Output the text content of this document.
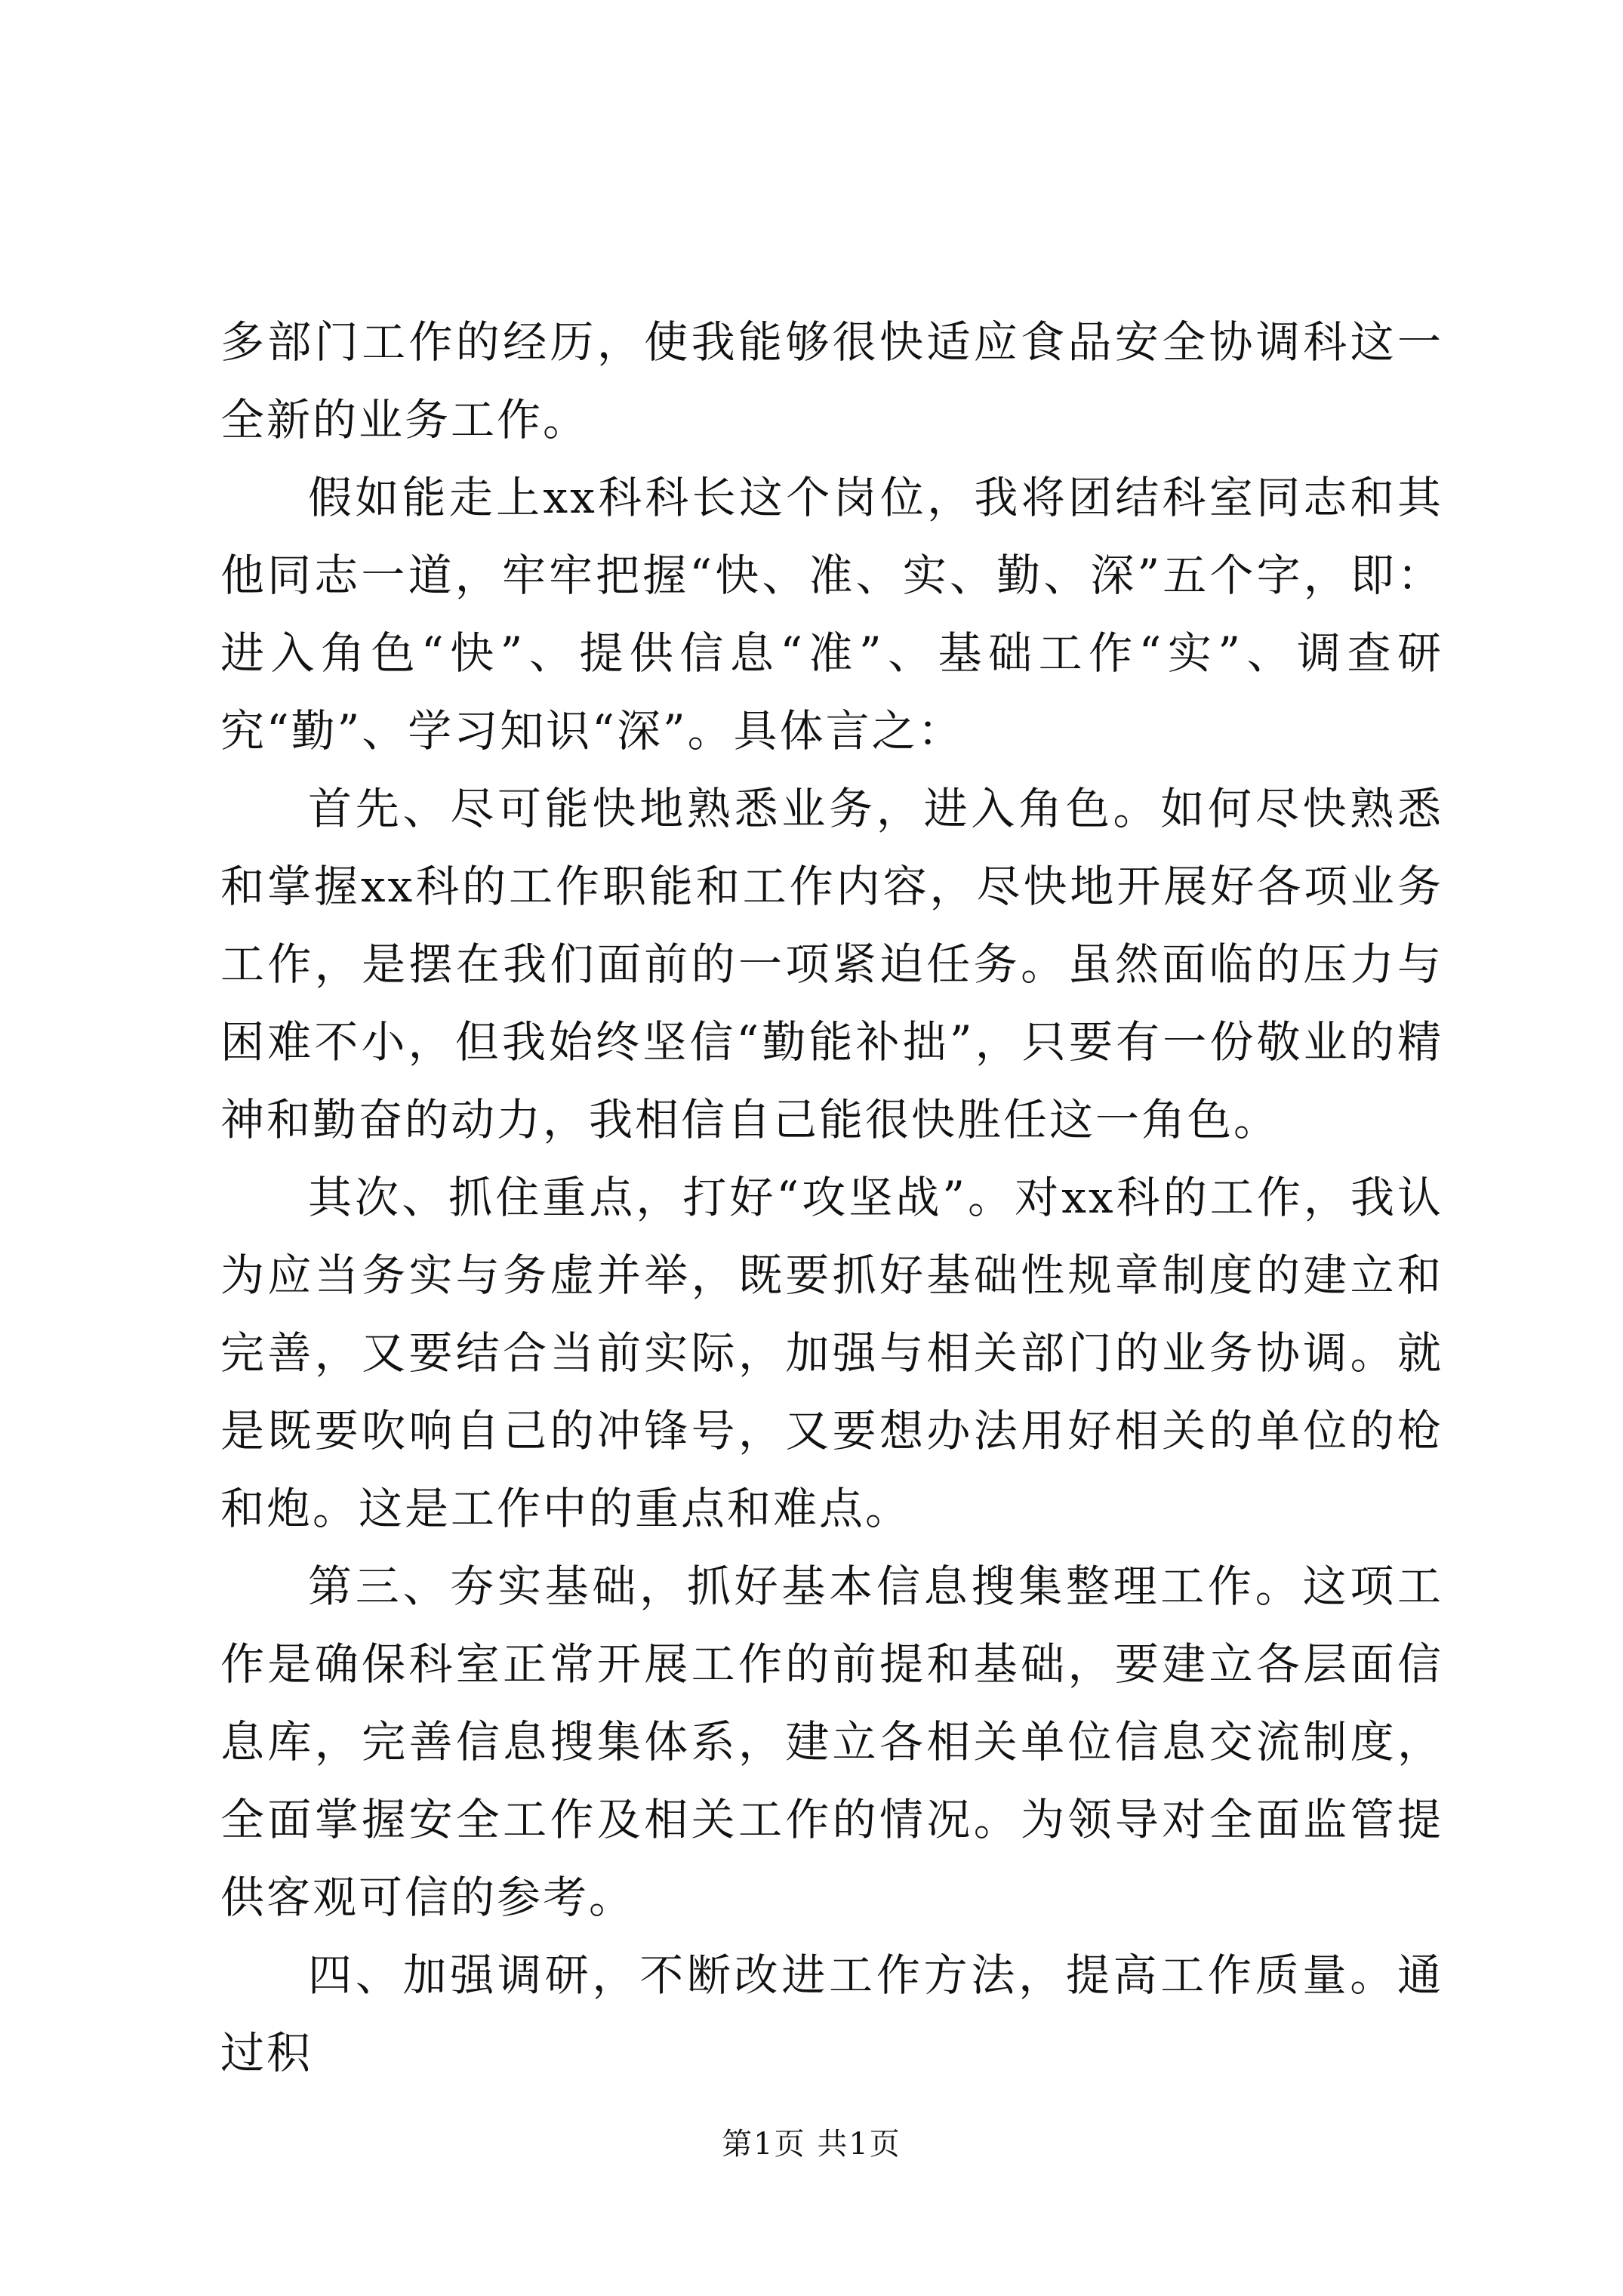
多部门工作的经历，使我能够很快适应食品安全协调科这一全新的业务工作。

假如能走上xx科科长这个岗位，我将团结科室同志和其他同志一道，牢牢把握“快、准、实、勤、深”五个字，即：进入角色“快”、提供信息“准”、基础工作“实”、调查研究“勤”、学习知识“深”。具体言之：

首先、尽可能快地熟悉业务，进入角色。如何尽快熟悉和掌握xx科的工作职能和工作内容，尽快地开展好各项业务工作，是摆在我们面前的一项紧迫任务。虽然面临的压力与困难不小，但我始终坚信“勤能补拙”，只要有一份敬业的精神和勤奋的动力，我相信自己能很快胜任这一角色。

其次、抓住重点，打好“攻坚战”。对xx科的工作，我认为应当务实与务虚并举，既要抓好基础性规章制度的建立和完善，又要结合当前实际，加强与相关部门的业务协调。就是既要吹响自己的冲锋号，又要想办法用好相关的单位的枪和炮。这是工作中的重点和难点。

第三、夯实基础，抓好基本信息搜集整理工作。这项工作是确保科室正常开展工作的前提和基础，要建立各层面信息库，完善信息搜集体系，建立各相关单位信息交流制度，全面掌握安全工作及相关工作的情况。为领导对全面监管提供客观可信的参考。

四、加强调研，不断改进工作方法，提高工作质量。通过积

第1页 共1页
